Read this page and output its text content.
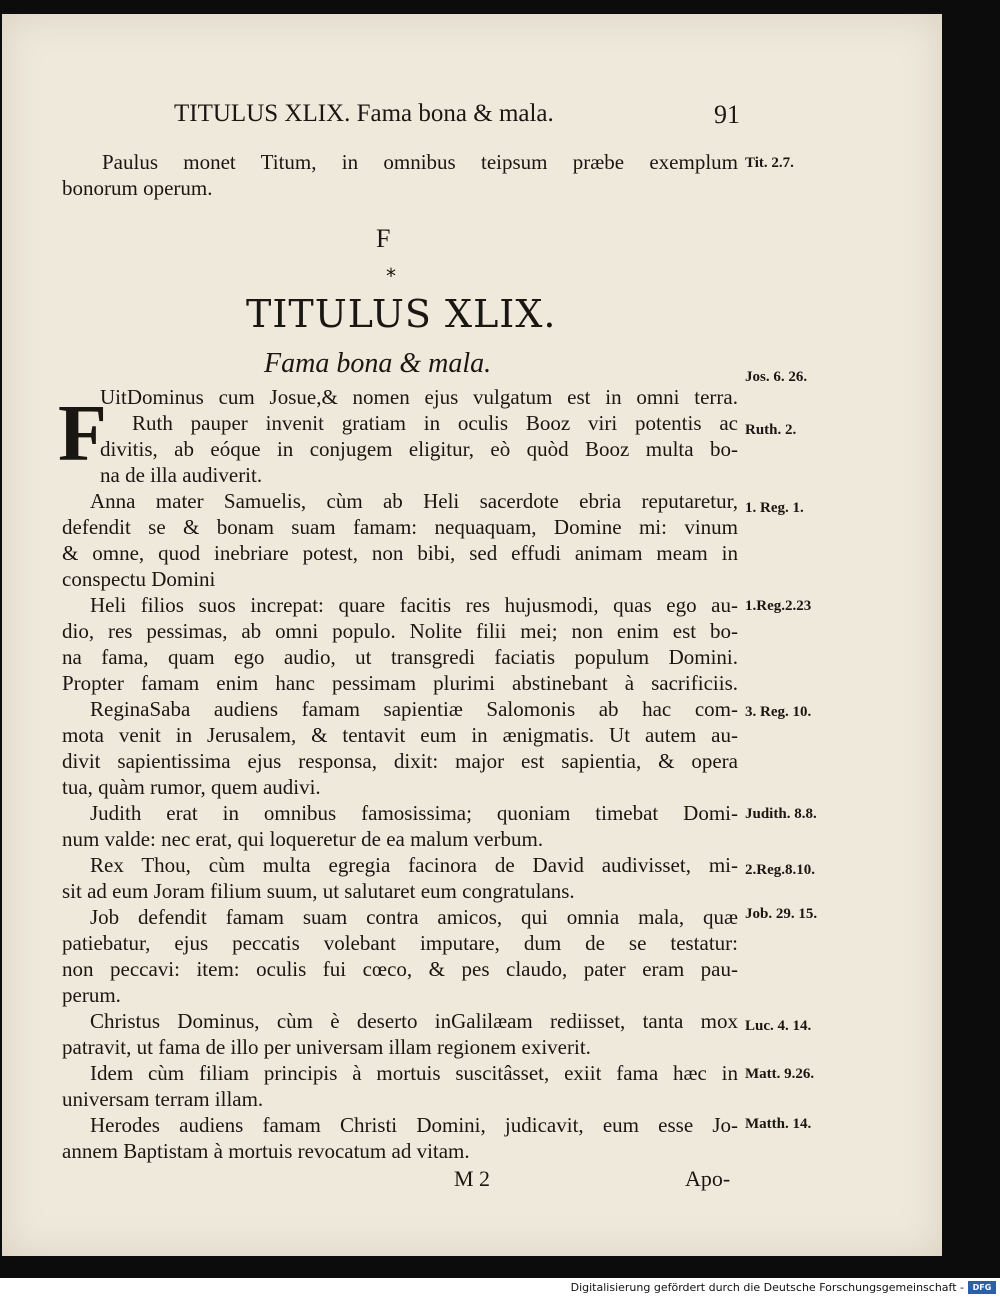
TITULUS XLIX. Fama bona & mala.	91
Paulus monet Titum, in omnibus teipsum præbe exemplum
bonorum operum.
Tit. 2.7.
F
*
TITULUS XLIX.
Fama bona & mala.
F
UitDominus cum Josue,& nomen ejus vulgatum est in omni terra.
Ruth pauper invenit gratiam in oculis Booz viri potentis ac
divitis, ab eóque in conjugem eligitur, eò quòd Booz multa bo-
na de illa audiverit.
Anna mater Samuelis, cùm ab Heli sacerdote ebria reputaretur,
defendit se & bonam suam famam: nequaquam, Domine mi: vinum
& omne, quod inebriare potest, non bibi, sed effudi animam meam in
conspectu Domini
Heli filios suos increpat: quare facitis res hujusmodi, quas ego au-
dio, res pessimas, ab omni populo. Nolite filii mei; non enim est bo-
na fama, quam ego audio, ut transgredi faciatis populum Domini.
Propter famam enim hanc pessimam plurimi abstinebant à sacrificiis.
ReginaSaba audiens famam sapientiæ Salomonis ab hac com-
mota venit in Jerusalem, & tentavit eum in ænigmatis. Ut autem au-
divit sapientissima ejus responsa, dixit: major est sapientia, & opera
tua, quàm rumor, quem audivi.
Judith erat in omnibus famosissima; quoniam timebat Domi-
num valde: nec erat, qui loqueretur de ea malum verbum.
Rex Thou, cùm multa egregia facinora de David audivisset, mi-
sit ad eum Joram filium suum, ut salutaret eum congratulans.
Job defendit famam suam contra amicos, qui omnia mala, quæ
patiebatur, ejus peccatis volebant imputare, dum de se testatur:
non peccavi: item: oculis fui cœco, & pes claudo, pater eram pau-
perum.
Christus Dominus, cùm è deserto inGalilæam rediisset, tanta mox
patravit, ut fama de illo per universam illam regionem exiverit.
Idem cùm filiam principis à mortuis suscitâsset, exiit fama hæc in
universam terram illam.
Herodes audiens famam Christi Domini, judicavit, eum esse Jo-
annem Baptistam à mortuis revocatum ad vitam.
Jos. 6. 26.
Ruth. 2.
1. Reg. 1.
1.Reg.2.23
3. Reg. 10.
Judith. 8.8.
2.Reg.8.10.
Job. 29. 15.
Luc. 4. 14.
Matt. 9.26.
Matth. 14.
M 2	Apo-
Digitalisierung gefördert durch die Deutsche Forschungsgemeinschaft -	DFG
